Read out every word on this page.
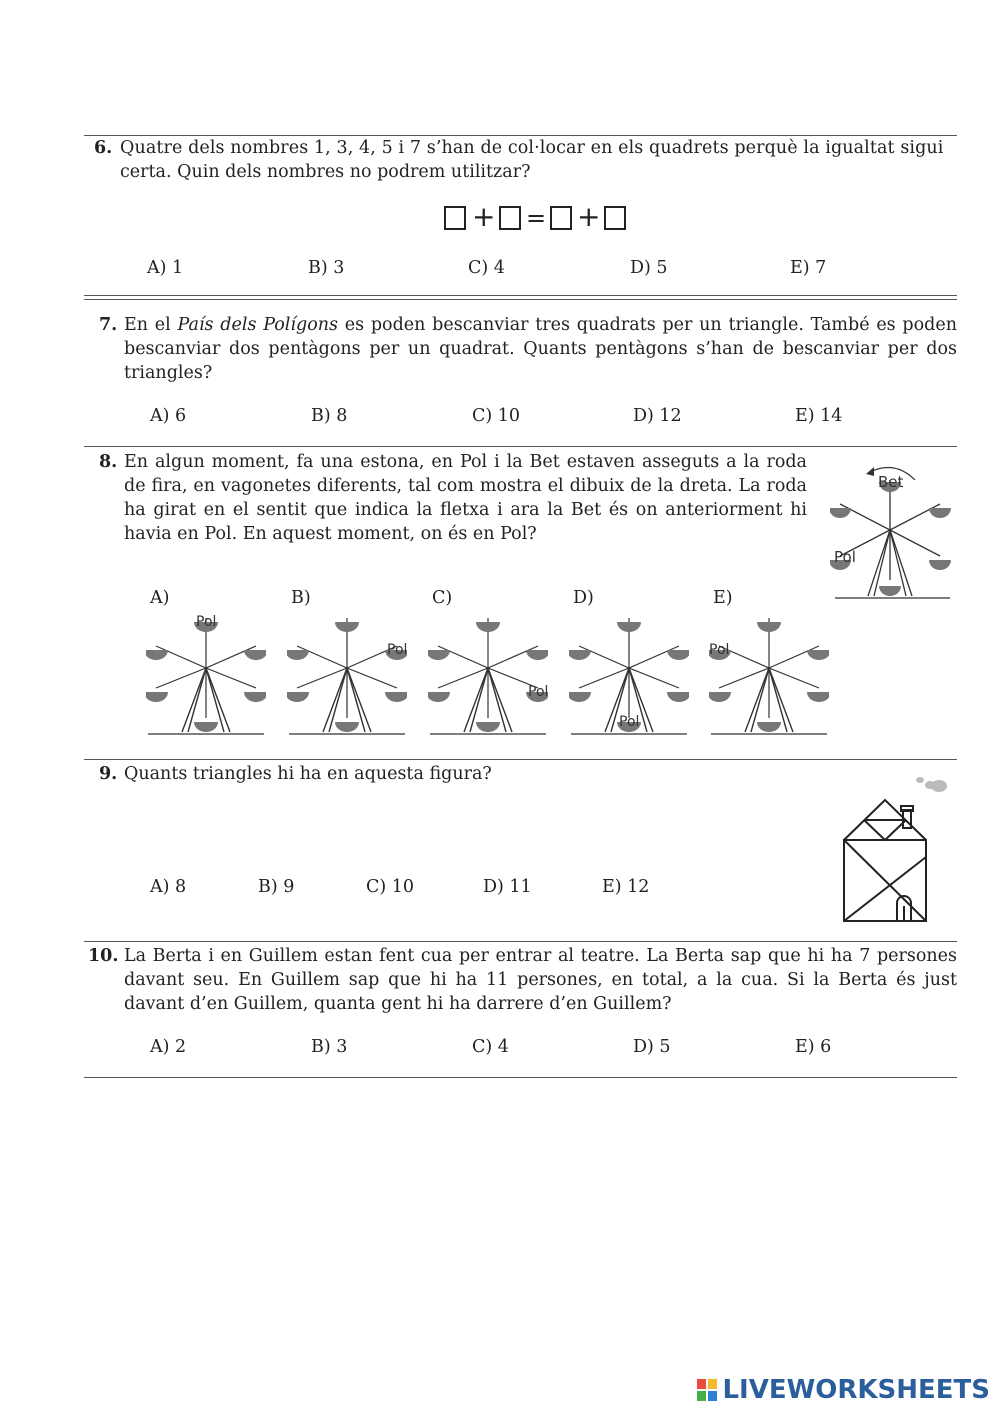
6. Quatre dels nombres 1, 3, 4, 5 i 7 s’han de col·locar en els quadrets perquè la igualtat sigui
certa. Quin dels nombres no podrem utilitzar?
+ = +
A) 1	B) 3	C) 4	D) 5	E) 7
7. En el País dels Polígons es poden bescanviar tres quadrats per un triangle. També es poden bescanviar dos pentàgons per un quadrat. Quants pentàgons s’han de bescanviar per dos triangles?
A) 6	B) 8	C) 10	D) 12	E) 14
8. En algun moment, fa una estona, en Pol i la Bet estaven asseguts a la roda de fira, en vagonetes diferents, tal com mostra el dibuix de la dreta. La roda ha girat en el sentit que indica la fletxa i ara la Bet és on anteriorment hi havia en Pol. En aquest moment, on és en Pol?
Bet
Pol
A)	B)	C)	D)	E)
Pol
Pol
Pol
Pol
Pol
9. Quants triangles hi ha en aquesta figura?
A) 8	B) 9	C) 10	D) 11	E) 12
10. La Berta i en Guillem estan fent cua per entrar al teatre. La Berta sap que hi ha 7 persones davant seu. En Guillem sap que hi ha 11 persones, en total, a la cua. Si la Berta és just davant d’en Guillem, quanta gent hi ha darrere d’en Guillem?
A) 2	B) 3	C) 4	D) 5	E) 6
LIVEWORKSHEETS
